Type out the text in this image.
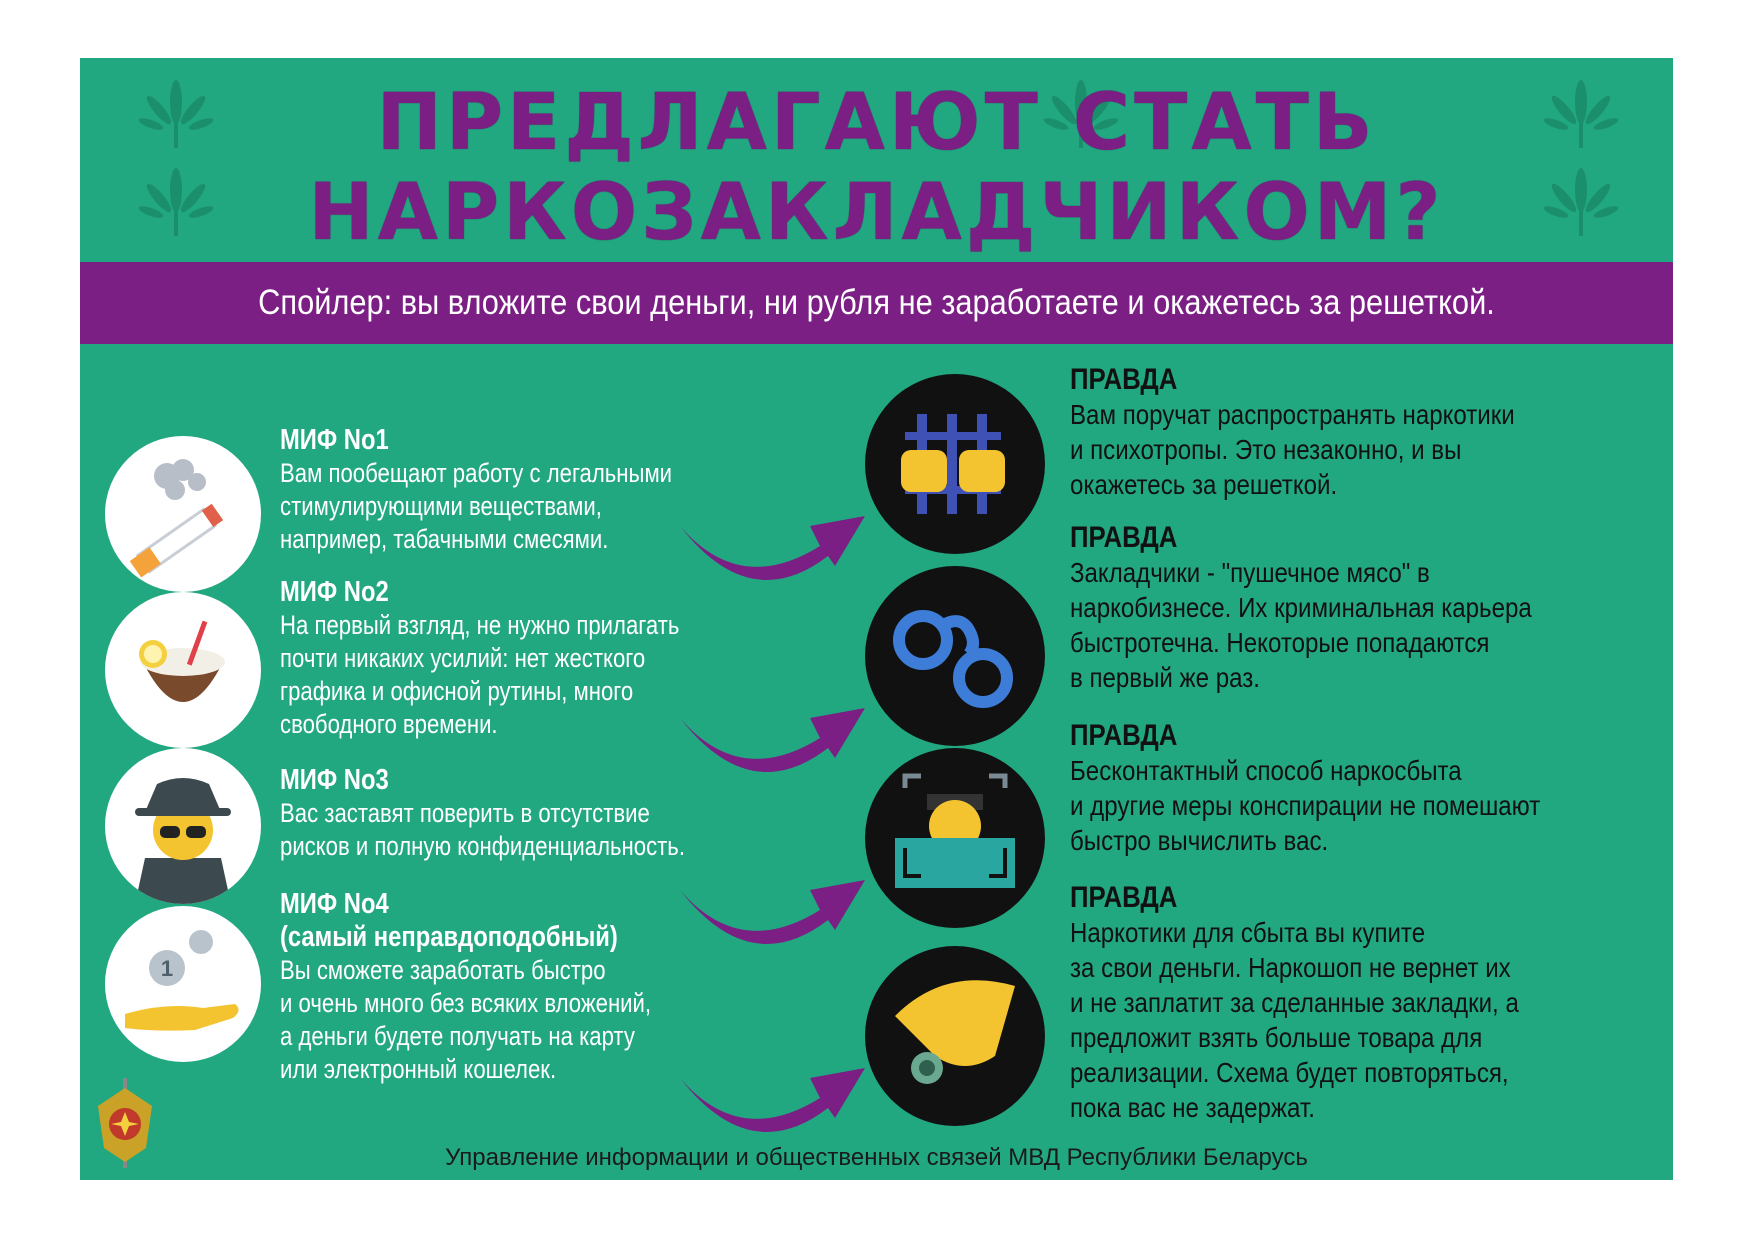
ПРЕДЛАГАЮТ СТАТЬ
НАРКОЗАКЛАДЧИКОМ?
Спойлер: вы вложите свои деньги, ни рубля не заработаете и окажетесь за решеткой.
1
МИФ No1
Вам пообещают работу с легальными
стимулирующими веществами,
например, табачными смесями.
МИФ No2
На первый взгляд, не нужно прилагать
почти никаких усилий: нет жесткого
графика и офисной рутины, много
свободного времени.
МИФ No3
Вас заставят поверить в отсутствие
рисков и полную конфиденциальность.
МИФ No4
(самый неправдоподобный)
Вы сможете заработать быстро
и очень много без всяких вложений,
а деньги будете получать на карту
или электронный кошелек.
ПРАВДА
Вам поручат распространять наркотики
и психотропы. Это незаконно, и вы
окажетесь за решеткой.
ПРАВДА
Закладчики - "пушечное мясо" в
наркобизнесе. Их криминальная карьера
быстротечна. Некоторые попадаются
в первый же раз.
ПРАВДА
Бесконтактный способ наркосбыта
и другие меры конспирации не помешают
быстро вычислить вас.
ПРАВДА
Наркотики для сбыта вы купите
за свои деньги. Наркошоп не вернет их
и не заплатит за сделанные закладки, а
предложит взять больше товара для
реализации. Схема будет повторяться,
пока вас не задержат.
Управление информации и общественных связей МВД Республики Беларусь
